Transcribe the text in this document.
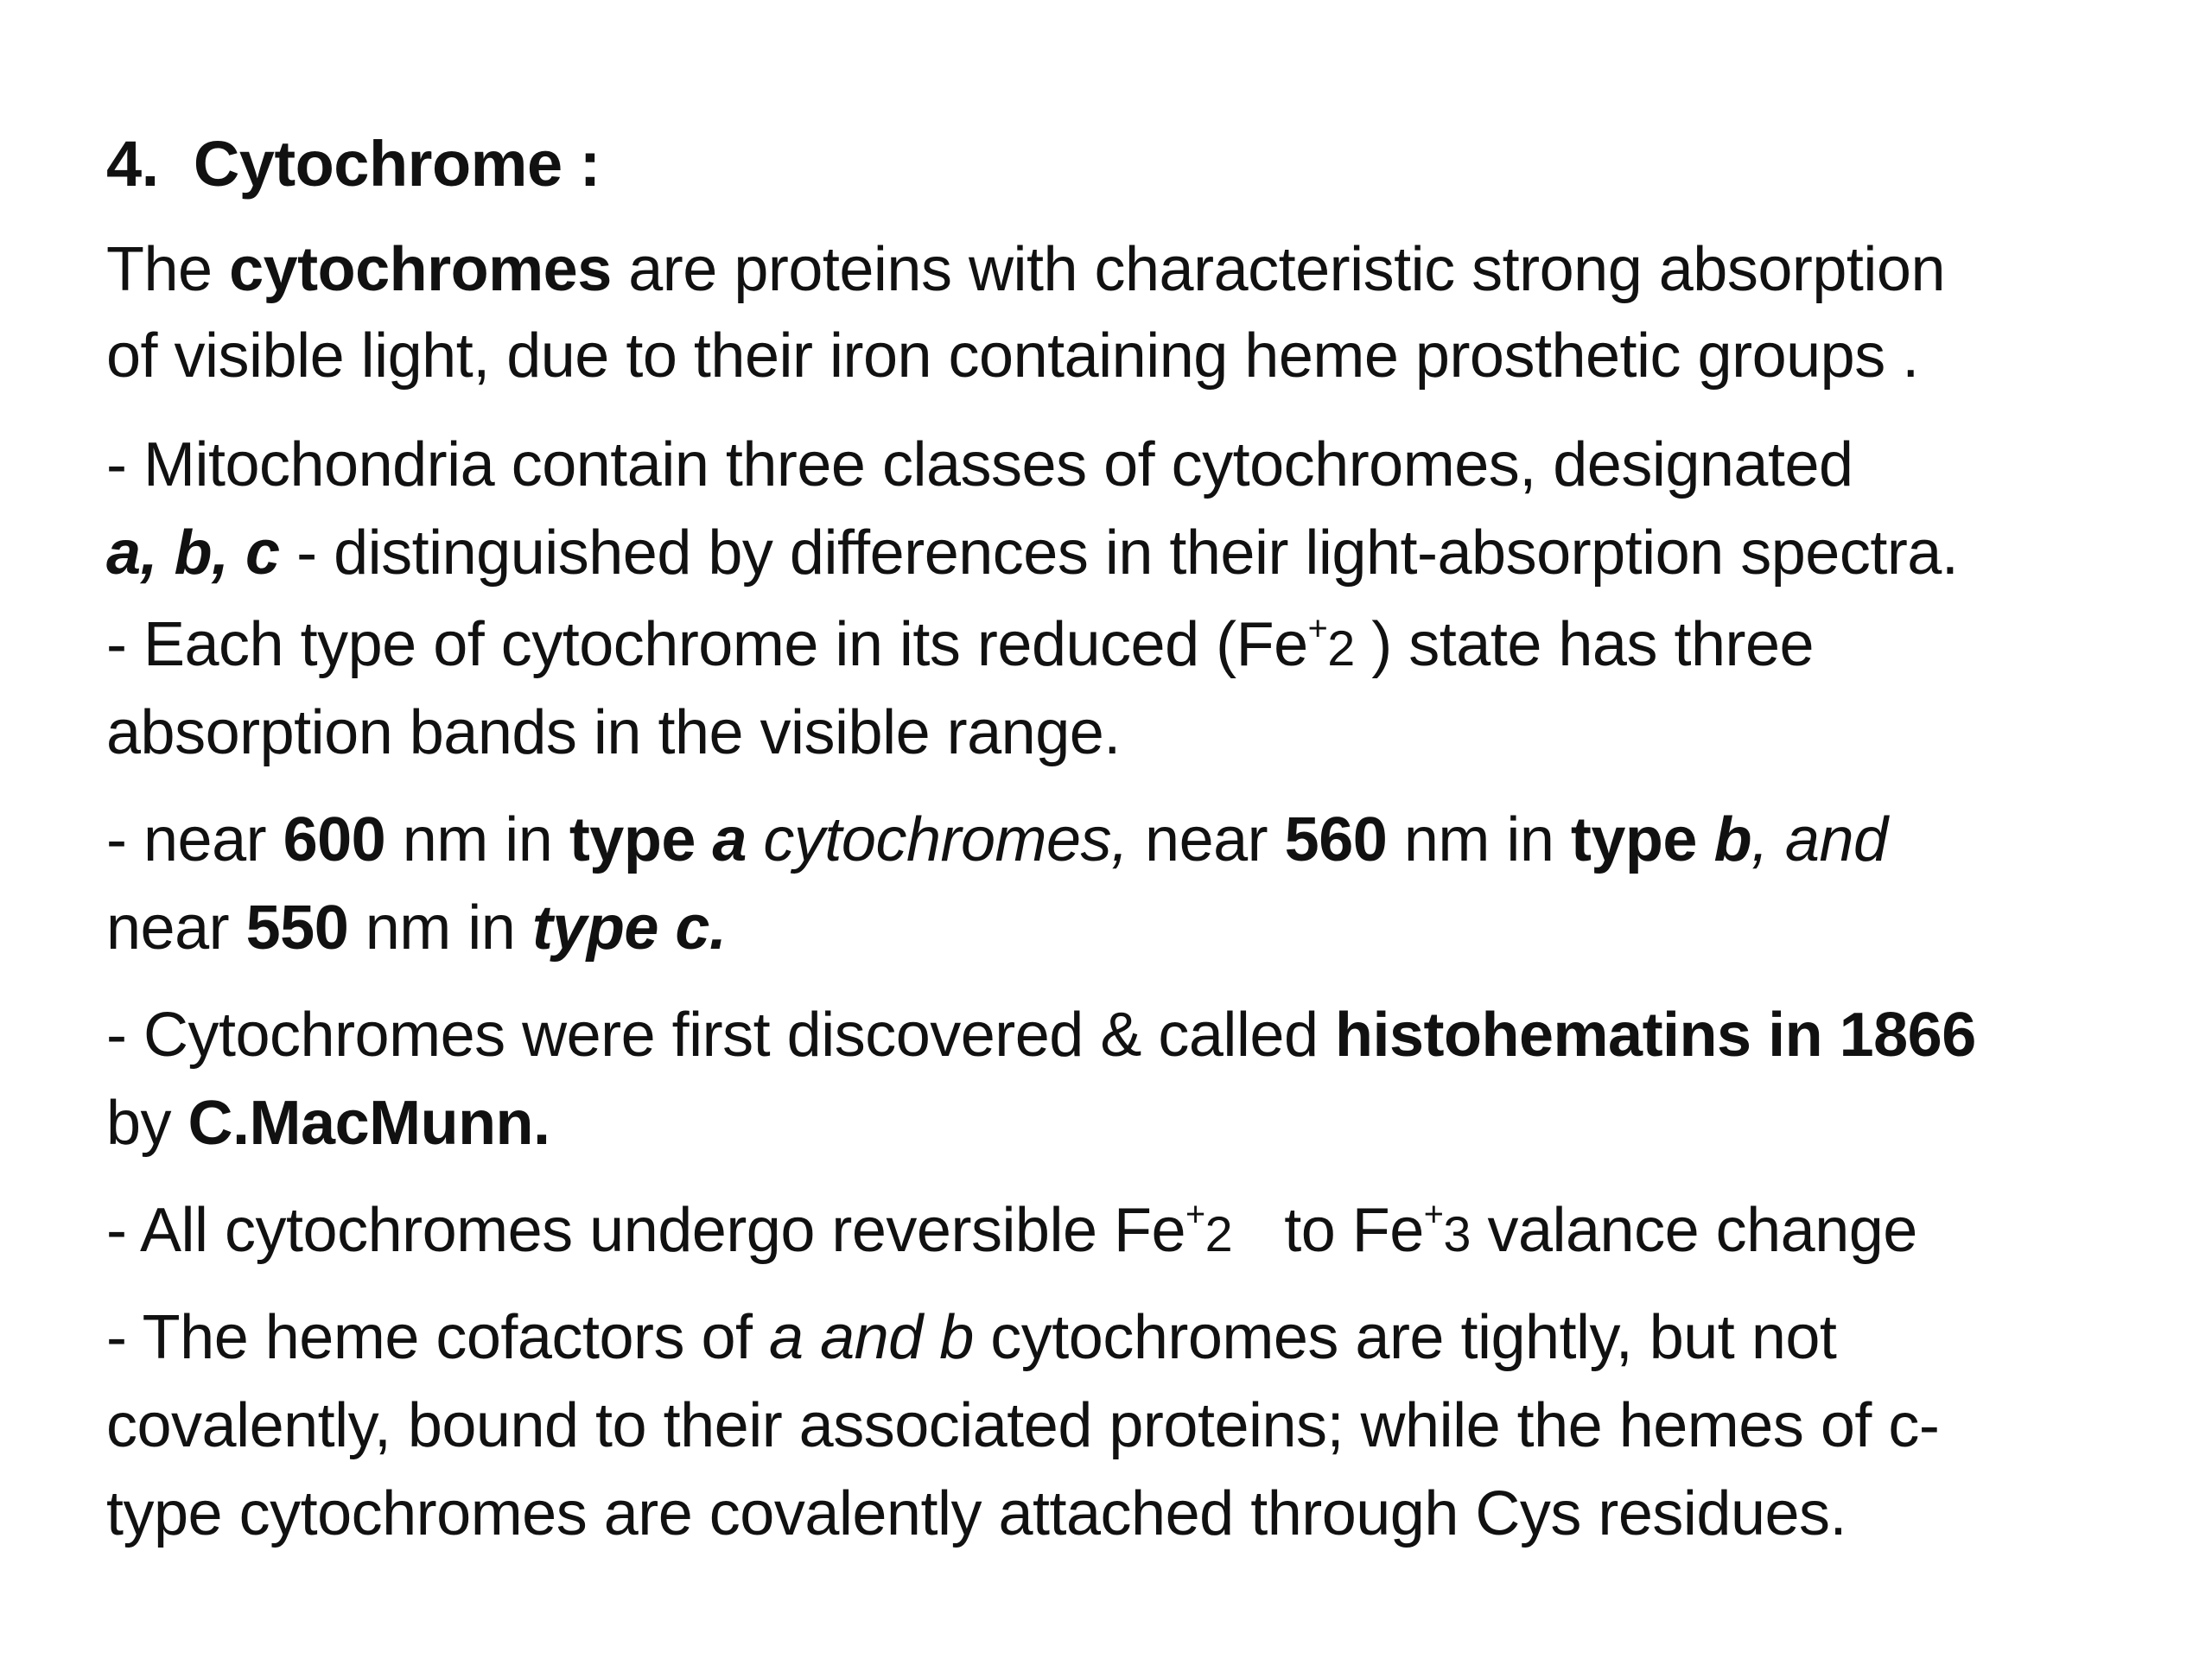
4. Cytochrome :
The cytochromes are proteins with characteristic strong absorption
of visible light, due to their iron containing heme prosthetic groups .
- Mitochondria contain three classes of cytochromes, designated
a, b, c - distinguished by differences in their light-absorption spectra.
- Each type of cytochrome in its reduced (Fe+2 ) state has three
absorption bands in the visible range.
- near 600 nm in type a cytochromes, near 560 nm in type b, and
near 550 nm in type c.
- Cytochromes were first discovered & called histohematins in 1866
by C.MacMunn.
- All cytochromes undergo reversible Fe+2 to Fe+3 valance change
- The heme cofactors of a and b cytochromes are tightly, but not
covalently, bound to their associated proteins; while the hemes of c-
type cytochromes are covalently attached through Cys residues.
